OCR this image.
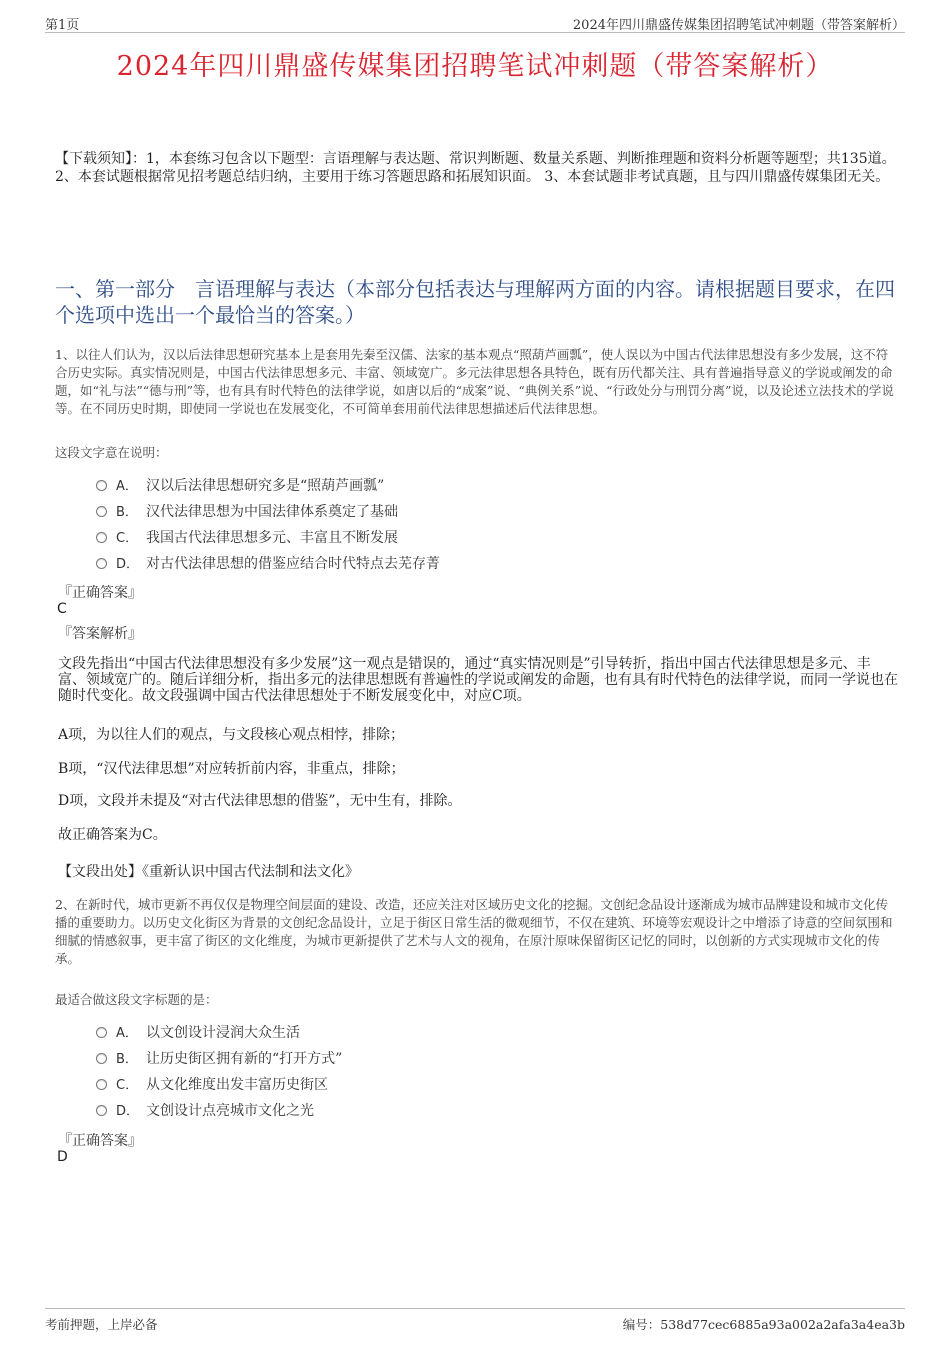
第1页	2024年四川鼎盛传媒集团招聘笔试冲刺题（带答案解析）
2024年四川鼎盛传媒集团招聘笔试冲刺题（带答案解析）
【下载须知】：1，本套练习包含以下题型：言语理解与表达题、常识判断题、数量关系题、判断推理题和资料分析题等题型；共135道。 2、本套试题根据常见招考题总结归纳，主要用于练习答题思路和拓展知识面。 3、本套试题非考试真题，且与四川鼎盛传媒集团无关。
一、第一部分　言语理解与表达（本部分包括表达与理解两方面的内容。请根据题目要求，在四个选项中选出一个最恰当的答案。）
1、以往人们认为，汉以后法律思想研究基本上是套用先秦至汉儒、法家的基本观点“照葫芦画瓢”，使人误以为中国古代法律思想没有多少发展，这不符合历史实际。真实情况则是，中国古代法律思想多元、丰富、领域宽广。多元法律思想各具特色，既有历代都关注、具有普遍指导意义的学说或阐发的命题，如“礼与法”“德与刑”等，也有具有时代特色的法律学说，如唐以后的“成案”说、“典例关系”说、“行政处分与刑罚分离”说，以及论述立法技术的学说等。在不同历史时期，即使同一学说也在发展变化，不可简单套用前代法律思想描述后代法律思想。
这段文字意在说明：
A． 汉以后法律思想研究多是“照葫芦画瓢”
B． 汉代法律思想为中国法律体系奠定了基础
C． 我国古代法律思想多元、丰富且不断发展
D． 对古代法律思想的借鉴应结合时代特点去芜存菁
『正确答案』
C
『答案解析』
文段先指出“中国古代法律思想没有多少发展”这一观点是错误的，通过“真实情况则是”引导转折，指出中国古代法律思想是多元、丰富、领域宽广的。随后详细分析，指出多元的法律思想既有普遍性的学说或阐发的命题，也有具有时代特色的法律学说，而同一学说也在随时代变化。故文段强调中国古代法律思想处于不断发展变化中，对应C项。
A项，为以往人们的观点，与文段核心观点相悖，排除；
B项，“汉代法律思想”对应转折前内容，非重点，排除；
D项，文段并未提及“对古代法律思想的借鉴”，无中生有，排除。
故正确答案为C。
【文段出处】《重新认识中国古代法制和法文化》
2、在新时代，城市更新不再仅仅是物理空间层面的建设、改造，还应关注对区域历史文化的挖掘。文创纪念品设计逐渐成为城市品牌建设和城市文化传播的重要助力。以历史文化街区为背景的文创纪念品设计，立足于街区日常生活的微观细节，不仅在建筑、环境等宏观设计之中增添了诗意的空间氛围和细腻的情感叙事，更丰富了街区的文化维度，为城市更新提供了艺术与人文的视角，在原汁原味保留街区记忆的同时，以创新的方式实现城市文化的传承。
最适合做这段文字标题的是：
A． 以文创设计浸润大众生活
B． 让历史街区拥有新的“打开方式”
C． 从文化维度出发丰富历史街区
D． 文创设计点亮城市文化之光
『正确答案』
D
考前押题，上岸必备	编号：538d77cec6885a93a002a2afa3a4ea3b
